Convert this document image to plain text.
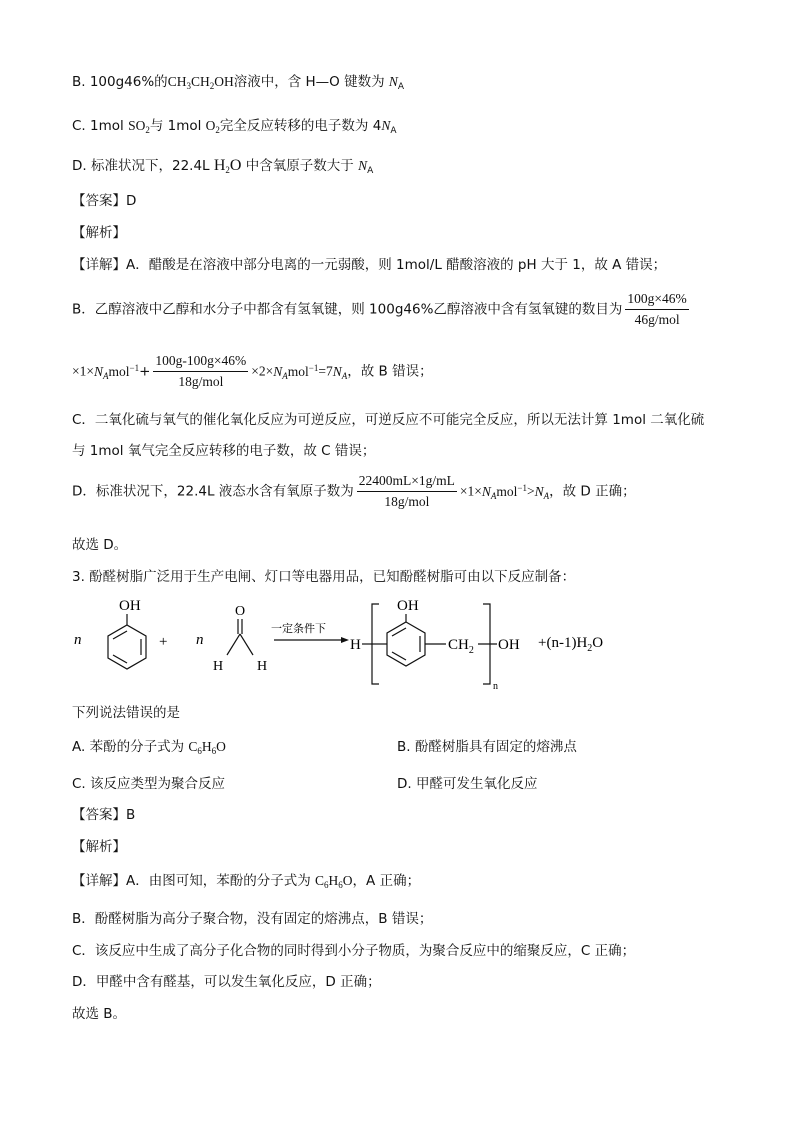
B. 100g46%的$CH_3CH_2OH$溶液中，含 H—O 键数为 $N_A$
C. 1mol $SO_2$与 1mol $O_2$完全反应转移的电子数为 $4N_A$
D. 标准状况下，22.4L $H_2O$ 中含氧原子数大于 $N_A$
【答案】D
【解析】
【详解】A．醋酸是在溶液中部分电离的一元弱酸，则 1mol/L 醋酸溶液的 pH 大于 1，故 A 错误；
B．乙醇溶液中乙醇和水分子中都含有氢氧键，则 100g46%乙醇溶液中含有氢氧键的数目为 $\frac{100g\times 46\%}{\text{46g/mol}}$
$\times 1\times N_Amol^{-1}+ \frac{100g-100g\times 46\%}{\text{18g/mol}} \times 2\times N_Amol^{-1}=7N_A$，故 B 错误；
C．二氧化硫与氧气的催化氧化反应为可逆反应，可逆反应不可能完全反应，所以无法计算 1mol 二氧化硫
与 1mol 氧气完全反应转移的电子数，故 C 错误；
D．标准状况下，22.4L 液态水含有氧原子数为 $\frac{22400mL\times 1g/mL}{\text{18g/mol}} \times 1\times N_Amol^{-1}>N_A$，故 D 正确；
故选 D。
3. 酚醛树脂广泛用于生产电闸、灯口等电器用品，已知酚醛树脂可由以下反应制备：
n
OH
+ n
O
H H
一定条件下
H
OH
$CH_2$
n
OH $+(n-1)H_2O$
下列说法错误的是
A. 苯酚的分子式为 $C_6H_6O$	B. 酚醛树脂具有固定的熔沸点
C. 该反应类型为聚合反应	D. 甲醛可发生氧化反应
【答案】B
【解析】
【详解】A．由图可知，苯酚的分子式为 $C_6H_6O$，A 正确；
B．酚醛树脂为高分子聚合物，没有固定的熔沸点，B 错误；
C．该反应中生成了高分子化合物的同时得到小分子物质，为聚合反应中的缩聚反应，C 正确；
D．甲醛中含有醛基，可以发生氧化反应，D 正确；
故选 B。
